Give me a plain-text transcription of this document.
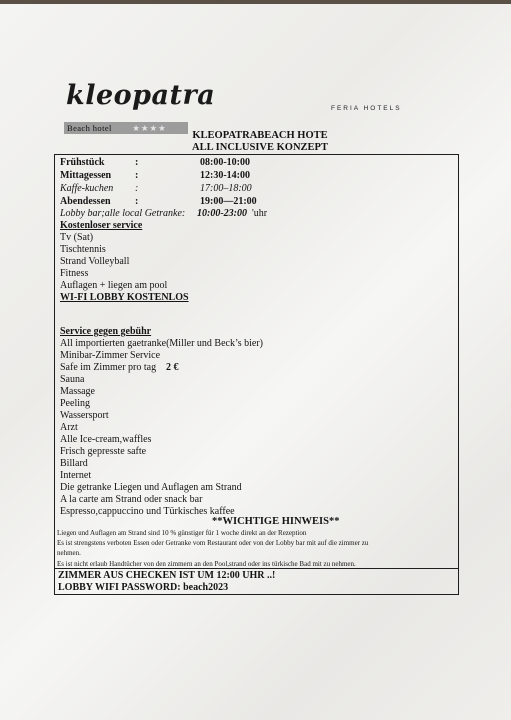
kleopatra
Beach hotel ★★★★
FERIA HOTELS
KLEOPATRABEACH HOTE
ALL INCLUSIVE KONZEPT
Frühstück	:	08:00-10:00
Mittagessen :	12:30-14:00
Kaffe-kuchen :	17:00–18:00
Abendessen :	19:00—21:00
Lobby bar;alle local Getranke: 10:00-23:00 'uhr
Kostenloser service
Tv (Sat)
Tischtennis
Strand Volleyball
Fitness
Auflagen + liegen am pool
WI-FI LOBBY KOSTENLOS
Service gegen gebühr
All importierten gaetranke(Miller und Beck’s bier)
Minibar-Zimmer Service
Safe im Zimmer pro tag 2 €
Sauna
Massage
Peeling
Wassersport
Arzt
Alle Ice-cream,waffles
Frisch gepresste safte
Billard
Internet
Die getrankе Liegen und Auflagen am Strand
A la carte am Strand oder snack bar
Espresso,cappuccino und Türkisches kaffee
**WICHTIGE HINWEIS**
Liegen und Auflagen am Strand sind 10 % günstiger für 1 woche direkt an der Rezeption
Es ist strengstens verboten Essen oder Getranke vom Restaurant oder von der Lobby bar mit auf die zimmer zu
nehmen.
Es ist nicht erlaub Handtücher von den zimmern an den Pool,strand oder ins türkische Bad mit zu nehmen.
ZIMMER AUS CHECKEN IST UM 12:00 UHR ..!
LOBBY WIFI PASSWORD: beach2023
